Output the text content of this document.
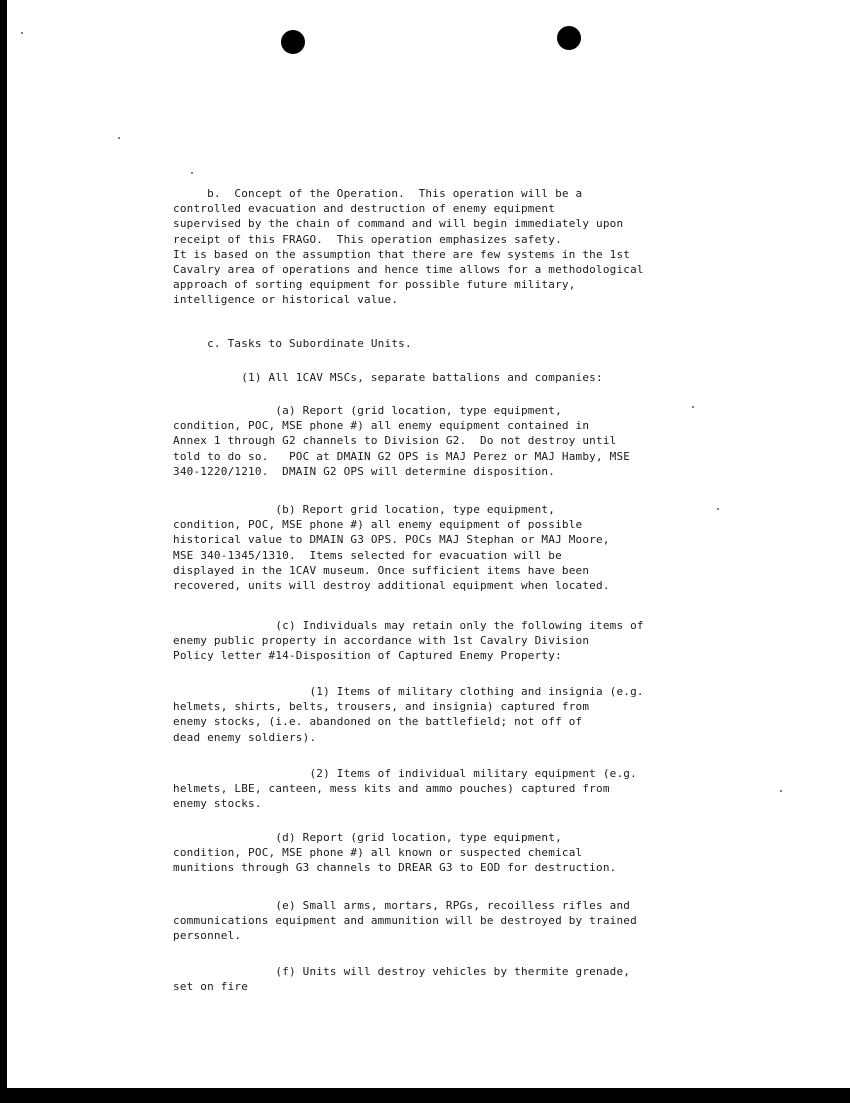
b.  Concept of the Operation.  This operation will be a
controlled evacuation and destruction of enemy equipment
supervised by the chain of command and will begin immediately upon
receipt of this FRAGO.  This operation emphasizes safety.
It is based on the assumption that there are few systems in the 1st
Cavalry area of operations and hence time allows for a methodological
approach of sorting equipment for possible future military,
intelligence or historical value.
c. Tasks to Subordinate Units.
(1) All 1CAV MSCs, separate battalions and companies:
(a) Report (grid location, type equipment,
condition, POC, MSE phone #) all enemy equipment contained in
Annex 1 through G2 channels to Division G2.  Do not destroy until
told to do so.   POC at DMAIN G2 OPS is MAJ Perez or MAJ Hamby, MSE
340-1220/1210.  DMAIN G2 OPS will determine disposition.
(b) Report grid location, type equipment,
condition, POC, MSE phone #) all enemy equipment of possible
historical value to DMAIN G3 OPS. POCs MAJ Stephan or MAJ Moore,
MSE 340-1345/1310.  Items selected for evacuation will be
displayed in the 1CAV museum. Once sufficient items have been
recovered, units will destroy additional equipment when located.
(c) Individuals may retain only the following items of
enemy public property in accordance with 1st Cavalry Division
Policy letter #14-Disposition of Captured Enemy Property:
(1) Items of military clothing and insignia (e.g.
helmets, shirts, belts, trousers, and insignia) captured from
enemy stocks, (i.e. abandoned on the battlefield; not off of
dead enemy soldiers).
(2) Items of individual military equipment (e.g.
helmets, LBE, canteen, mess kits and ammo pouches) captured from
enemy stocks.
(d) Report (grid location, type equipment,
condition, POC, MSE phone #) all known or suspected chemical
munitions through G3 channels to DREAR G3 to EOD for destruction.
(e) Small arms, mortars, RPGs, recoilless rifles and
communications equipment and ammunition will be destroyed by trained
personnel.
(f) Units will destroy vehicles by thermite grenade,
set on fire
